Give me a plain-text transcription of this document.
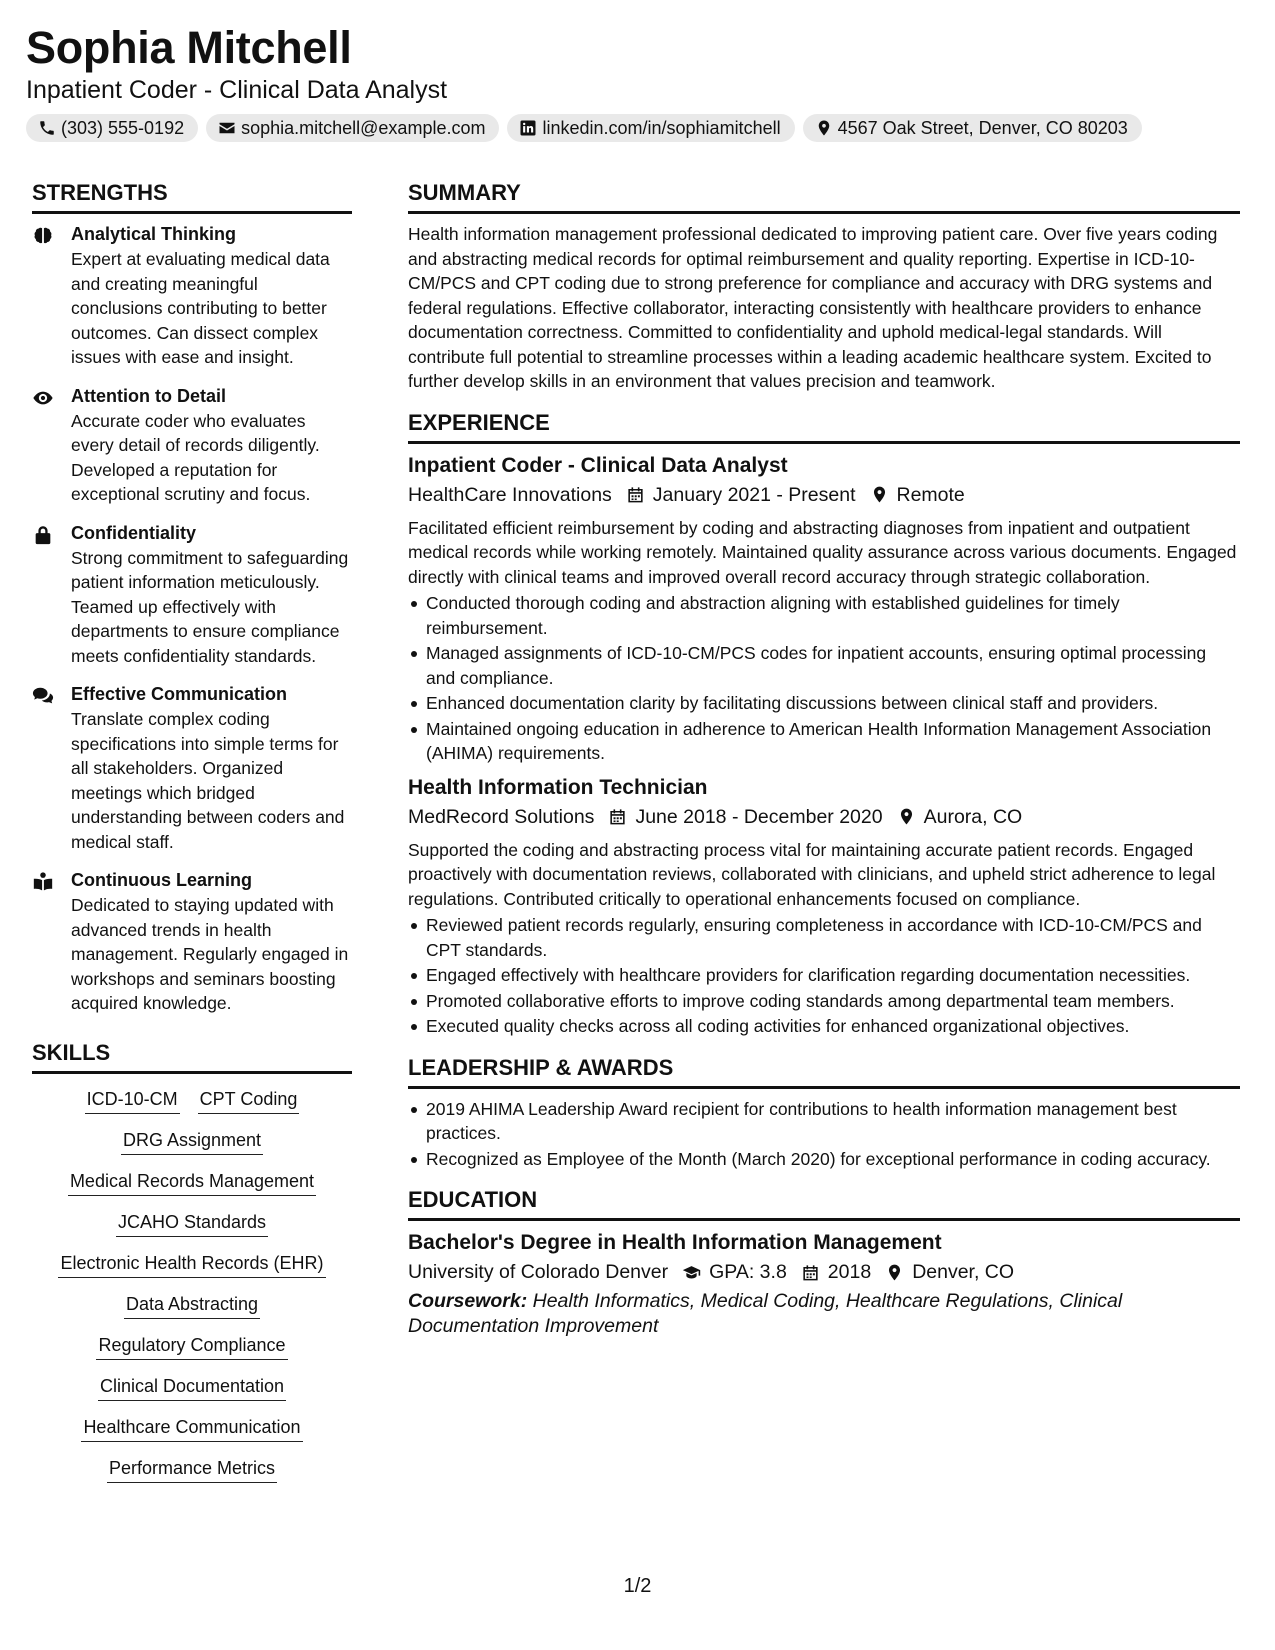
Sophia Mitchell
Inpatient Coder - Clinical Data Analyst
(303) 555-0192	sophia.mitchell@example.com	linkedin.com/in/sophiamitchell	4567 Oak Street, Denver, CO 80203
STRENGTHS
Analytical Thinking
Expert at evaluating medical data and creating meaningful conclusions contributing to better outcomes. Can dissect complex issues with ease and insight.
Attention to Detail
Accurate coder who evaluates every detail of records diligently. Developed a reputation for exceptional scrutiny and focus.
Confidentiality
Strong commitment to safeguarding patient information meticulously. Teamed up effectively with departments to ensure compliance meets confidentiality standards.
Effective Communication
Translate complex coding specifications into simple terms for all stakeholders. Organized meetings which bridged understanding between coders and medical staff.
Continuous Learning
Dedicated to staying updated with advanced trends in health management. Regularly engaged in workshops and seminars boosting acquired knowledge.
SKILLS
ICD-10-CM CPT Coding
DRG Assignment
Medical Records Management
JCAHO Standards
Electronic Health Records (EHR)
Data Abstracting
Regulatory Compliance
Clinical Documentation
Healthcare Communication
Performance Metrics
SUMMARY
Health information management professional dedicated to improving patient care. Over five years coding and abstracting medical records for optimal reimbursement and quality reporting. Expertise in ICD-10-CM/PCS and CPT coding due to strong preference for compliance and accuracy with DRG systems and federal regulations. Effective collaborator, interacting consistently with healthcare providers to enhance documentation correctness. Committed to confidentiality and uphold medical-legal standards. Will contribute full potential to streamline processes within a leading academic healthcare system. Excited to further develop skills in an environment that values precision and teamwork.
EXPERIENCE
Inpatient Coder - Clinical Data Analyst
HealthCare Innovations January 2021 - Present Remote
Facilitated efficient reimbursement by coding and abstracting diagnoses from inpatient and outpatient medical records while working remotely. Maintained quality assurance across various documents. Engaged directly with clinical teams and improved overall record accuracy through strategic collaboration.
Conducted thorough coding and abstraction aligning with established guidelines for timely reimbursement.
Managed assignments of ICD-10-CM/PCS codes for inpatient accounts, ensuring optimal processing and compliance.
Enhanced documentation clarity by facilitating discussions between clinical staff and providers.
Maintained ongoing education in adherence to American Health Information Management Association (AHIMA) requirements.
Health Information Technician
MedRecord Solutions June 2018 - December 2020 Aurora, CO
Supported the coding and abstracting process vital for maintaining accurate patient records. Engaged proactively with documentation reviews, collaborated with clinicians, and upheld strict adherence to legal regulations. Contributed critically to operational enhancements focused on compliance.
Reviewed patient records regularly, ensuring completeness in accordance with ICD-10-CM/PCS and CPT standards.
Engaged effectively with healthcare providers for clarification regarding documentation necessities.
Promoted collaborative efforts to improve coding standards among departmental team members.
Executed quality checks across all coding activities for enhanced organizational objectives.
LEADERSHIP & AWARDS
2019 AHIMA Leadership Award recipient for contributions to health information management best practices.
Recognized as Employee of the Month (March 2020) for exceptional performance in coding accuracy.
EDUCATION
Bachelor's Degree in Health Information Management
University of Colorado Denver GPA: 3.8 2018 Denver, CO
Coursework: Health Informatics, Medical Coding, Healthcare Regulations, Clinical Documentation Improvement
1/2
